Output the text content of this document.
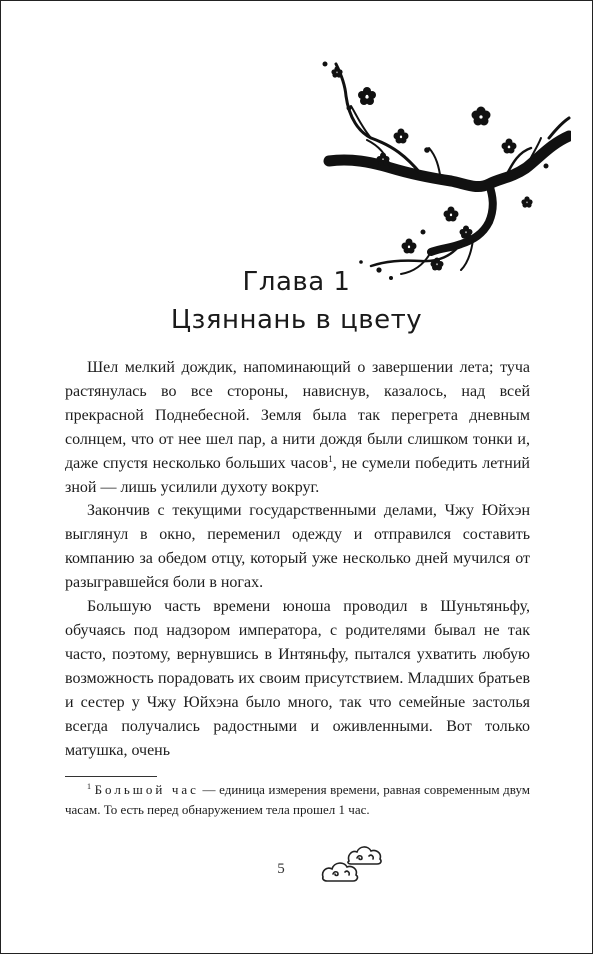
Глава 1
Цзяннань в цвету

Шел мелкий дождик, напоминающий о завершении лета; туча растянулась во все стороны, нависнув, казалось, над всей прекрасной Поднебесной. Земля была так перегрета дневным солнцем, что от нее шел пар, а нити дождя были слишком тонки и, даже спустя несколько больших часов$^1$, не сумели победить летний зной — лишь усилили духоту вокруг.

Закончив с текущими государственными делами, Чжу Юйхэн выглянул в окно, переменил одежду и отправился составить компанию за обедом отцу, который уже несколько дней мучился от разыгравшейся боли в ногах.

Большую часть времени юноша проводил в Шуньтяньфу, обучаясь под надзором императора, с родителями бывал не так часто, поэтому, вернувшись в Интяньфу, пытался ухватить любую возможность порадовать их своим присутствием. Младших братьев и сестер у Чжу Юйхэна было много, так что семейные застолья всегда получались радостными и оживленными. Вот только матушка, очень

$^1$ Большой час — единица измерения времени, равная современным двум часам. То есть перед обнаружением тела прошел 1 час.

5
